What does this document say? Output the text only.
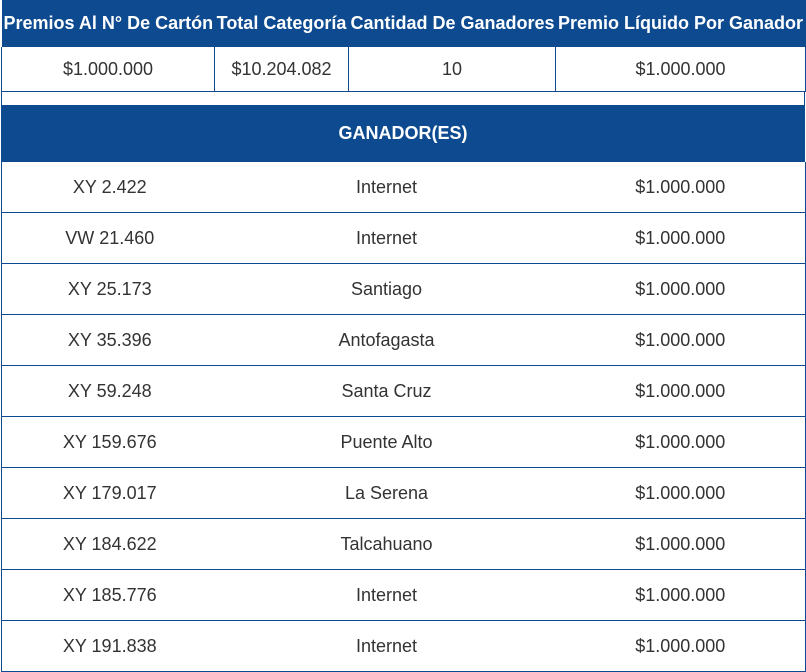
Premios Al N° De Cartón	Total Categoría	Cantidad De Ganadores	Premio Líquido Por Ganador
$1.000.000	$10.204.082	10	$1.000.000
GANADOR(ES)
XY 2.422	Internet	$1.000.000
VW 21.460	Internet	$1.000.000
XY 25.173	Santiago	$1.000.000
XY 35.396	Antofagasta	$1.000.000
XY 59.248	Santa Cruz	$1.000.000
XY 159.676	Puente Alto	$1.000.000
XY 179.017	La Serena	$1.000.000
XY 184.622	Talcahuano	$1.000.000
XY 185.776	Internet	$1.000.000
XY 191.838	Internet	$1.000.000
